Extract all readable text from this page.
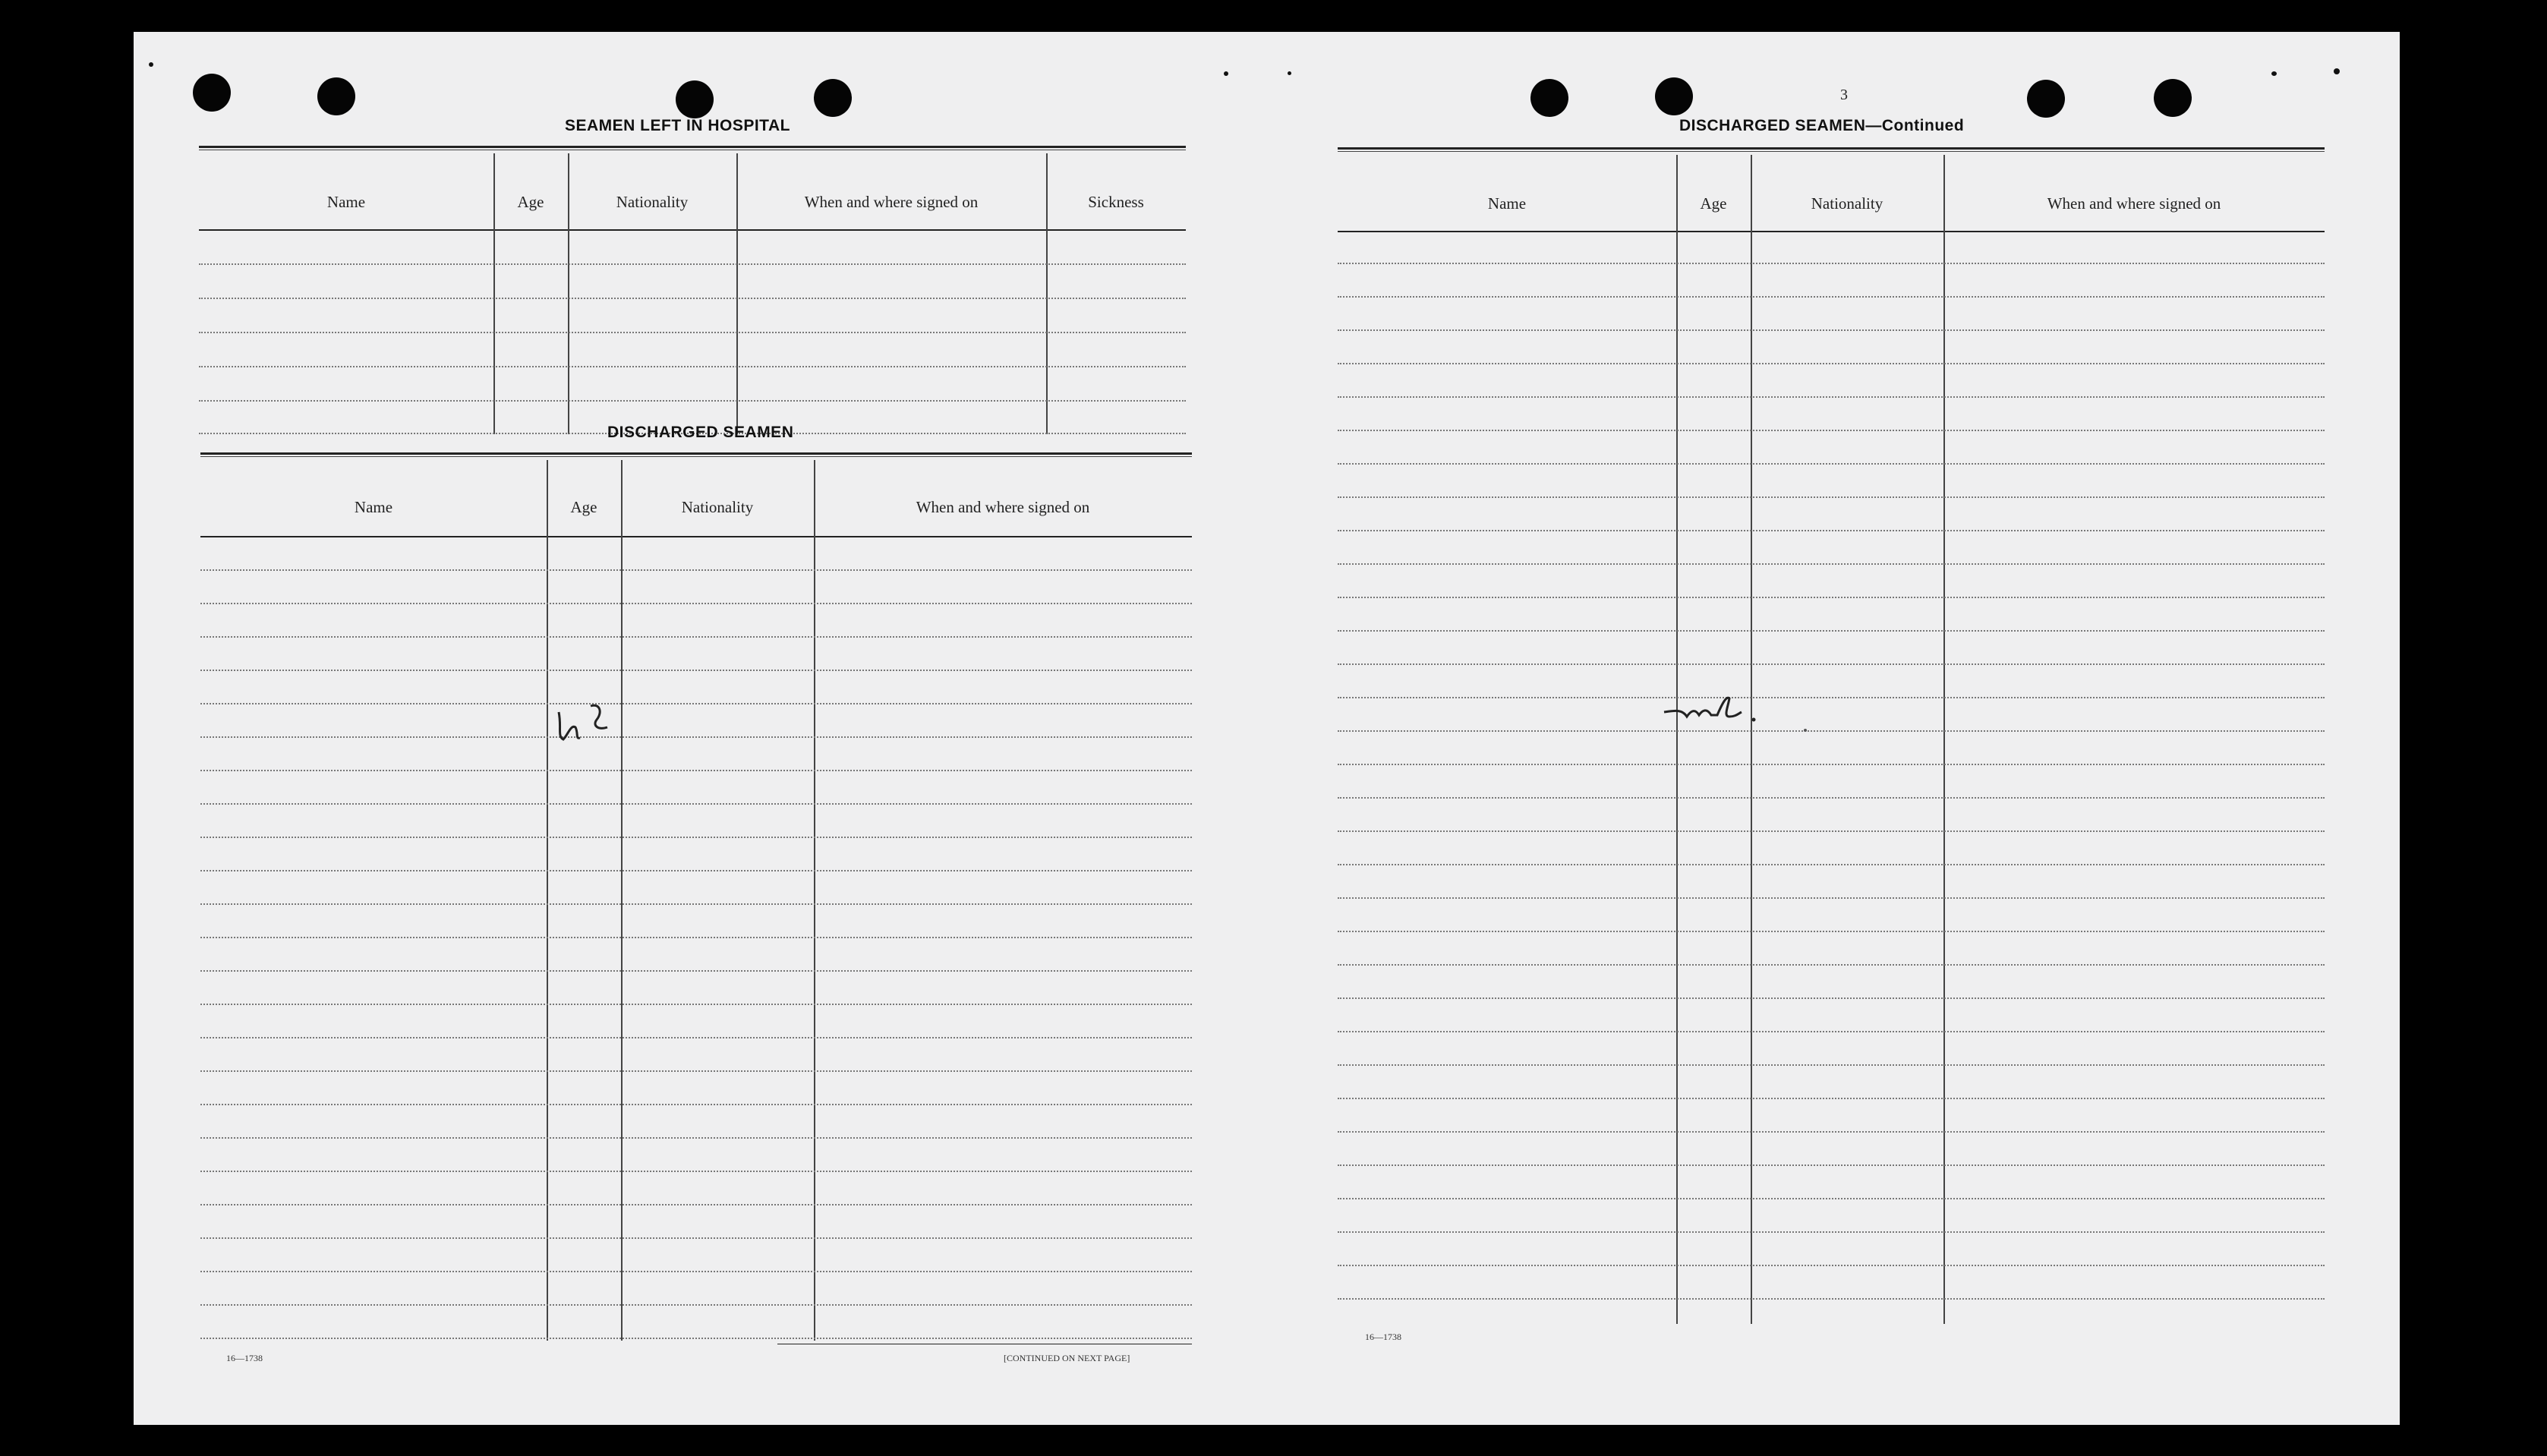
3
SEAMEN LEFT IN HOSPITAL
Name	Age	Nationality	When and where signed on	Sickness
DISCHARGED SEAMEN
Name	Age	Nationality	When and where signed on
16—1738	[CONTINUED ON NEXT PAGE]
DISCHARGED SEAMEN—Continued
Name	Age	Nationality	When and where signed on
16—1738
